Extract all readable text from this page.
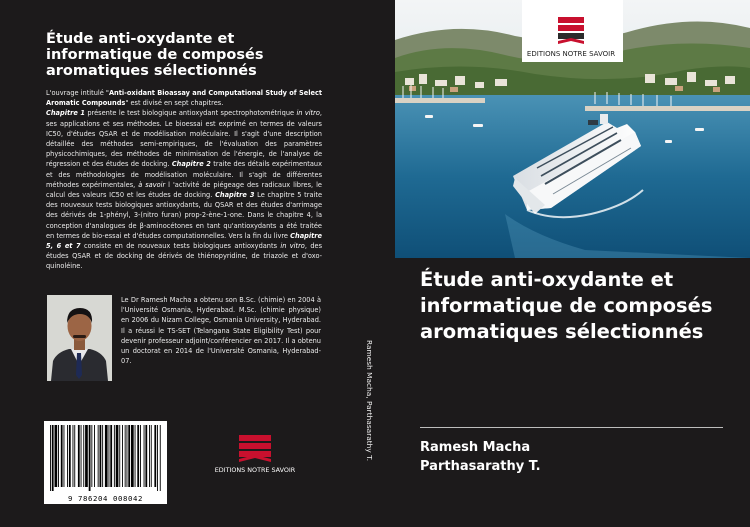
Étude anti-oxydante et
informatique de composés
aromatiques sélectionnés

L'ouvrage intitulé "Anti-oxidant Bioassay and Computational Study of Select Aromatic Compounds" est divisé en sept chapitres.

Chapitre 1 présente le test biologique antioxydant spectrophotométrique in vitro, ses applications et ses méthodes. Le bioessai est exprimé en termes de valeurs IC50, d'études QSAR et de modélisation moléculaire. Il s'agit d'une description détaillée des méthodes semi-empiriques, de l'évaluation des paramètres physicochimiques, des méthodes de minimisation de l'énergie, de l'analyse de régression et des études de docking. Chapitre 2 traite des détails expérimentaux et des méthodologies de modélisation moléculaire. Il s'agit de différentes méthodes expérimentales, à savoir l 'activité de piégeage des radicaux libres, le calcul des valeurs IC50 et les études de docking. Chapitre 3 Le chapitre 5 traite des nouveaux tests biologiques antioxydants, du QSAR et des études d'arrimage des dérivés de 1-phényl, 3-(nitro furan) prop-2-ène-1-one. Dans le chapitre 4, la conception d'analogues de β-aminocétones en tant qu'antioxydants a été traitée en termes de bio-essai et d'études computationnelles. Vers la fin du livre Chapitre 5, 6 et 7 consiste en de nouveaux tests biologiques antioxydants in vitro, des études QSAR et de docking de dérivés de thiénopyridine, de triazole et d'oxo-quinoléine.

Le Dr Ramesh Macha a obtenu son B.Sc. (chimie) en 2004 à l'Université Osmania, Hyderabad. M.Sc. (chimie physique) en 2006 du Nizam College, Osmania University, Hyderabad. Il a réussi le TS-SET (Telangana State Eligibility Test) pour devenir professeur adjoint/conférencier en 2017. Il a obtenu un doctorat en 2014 de l'Université Osmania, Hyderabad-07.
9 786204 008042
EDITIONS NOTRE SAVOIR
Ramesh Macha, Parthasarathy T.
EDITIONS NOTRE SAVOIR
Étude anti-oxydante et
informatique de composés
aromatiques sélectionnés
Ramesh Macha
Parthasarathy T.
